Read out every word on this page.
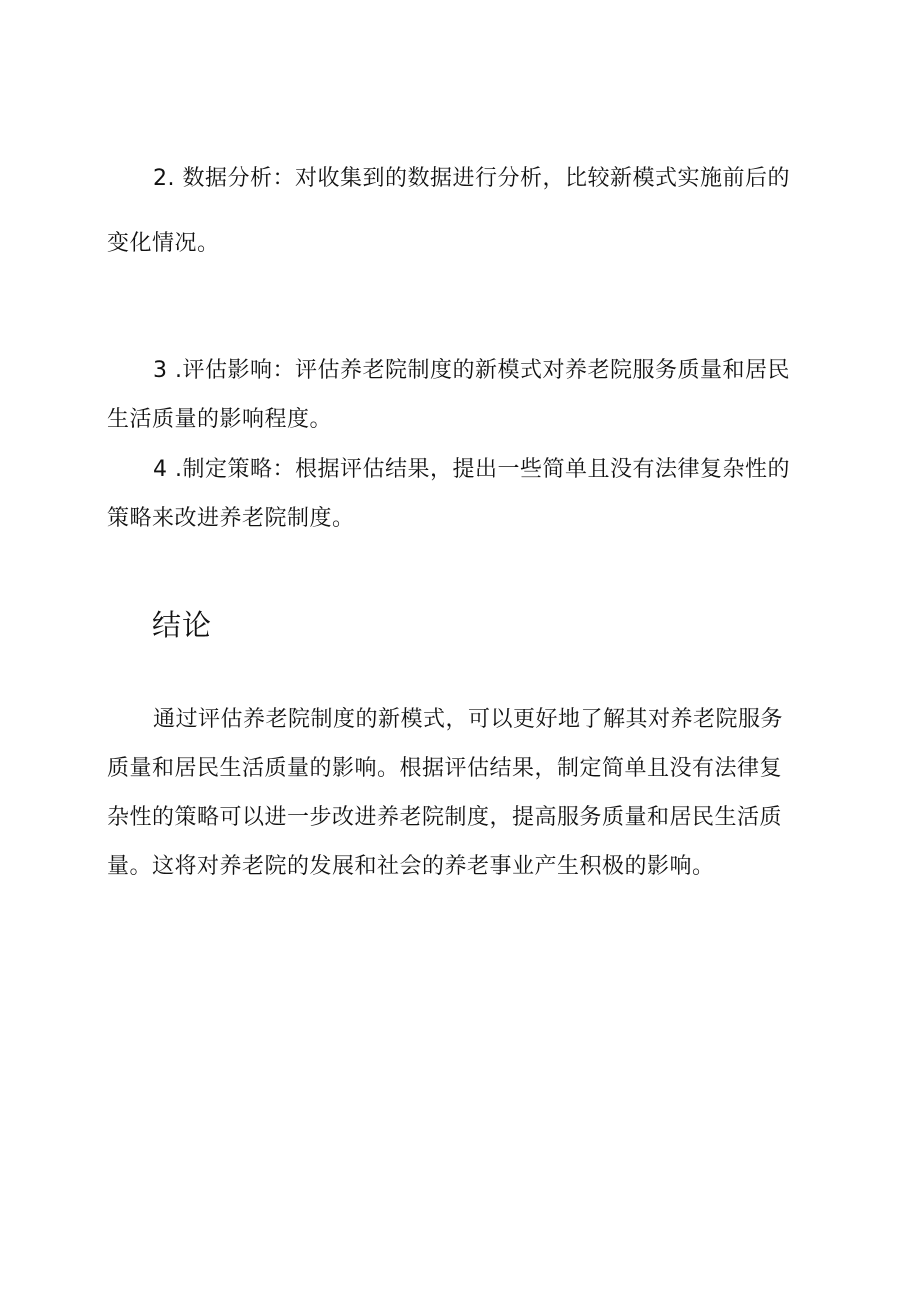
2. 数据分析：对收集到的数据进行分析，比较新模式实施前后的
变化情况。
3 .评估影响：评估养老院制度的新模式对养老院服务质量和居民
生活质量的影响程度。
4 .制定策略：根据评估结果，提出一些简单且没有法律复杂性的
策略来改进养老院制度。
结论
通过评估养老院制度的新模式，可以更好地了解其对养老院服务
质量和居民生活质量的影响。根据评估结果，制定简单且没有法律复
杂性的策略可以进一步改进养老院制度，提高服务质量和居民生活质
量。这将对养老院的发展和社会的养老事业产生积极的影响。
